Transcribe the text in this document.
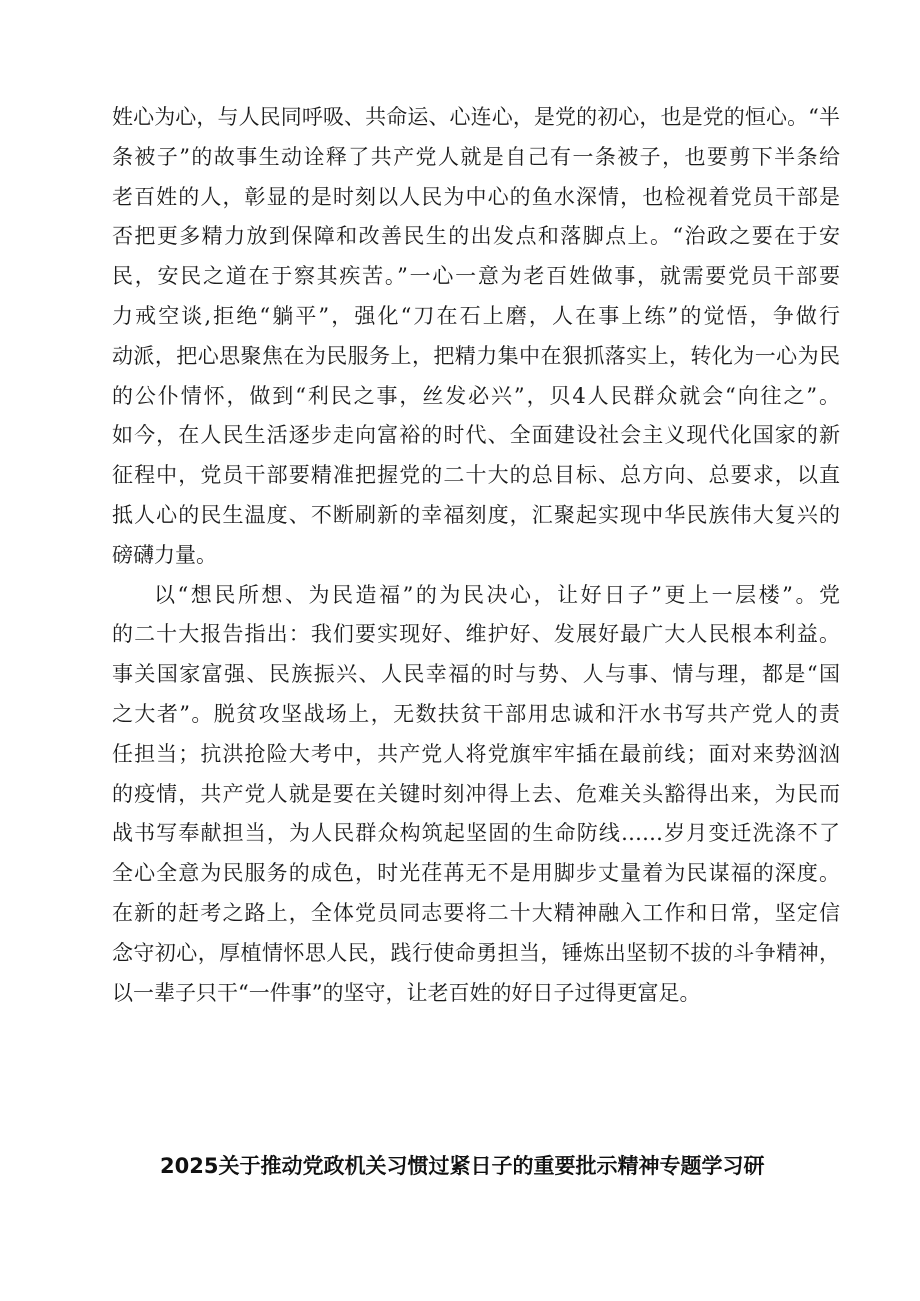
姓心为心，与人民同呼吸、共命运、心连心，是党的初心，也是党的恒心。“半
条被子”的故事生动诠释了共产党人就是自己有一条被子，也要剪下半条给
老百姓的人，彰显的是时刻以人民为中心的鱼水深情，也检视着党员干部是
否把更多精力放到保障和改善民生的出发点和落脚点上。“治政之要在于安
民，安民之道在于察其疾苦。”一心一意为老百姓做事，就需要党员干部要
力戒空谈,拒绝“躺平”，强化“刀在石上磨，人在事上练”的觉悟，争做行
动派，把心思聚焦在为民服务上，把精力集中在狠抓落实上，转化为一心为民
的公仆情怀，做到“利民之事，丝发必兴”，贝4人民群众就会“向往之”。
如今，在人民生活逐步走向富裕的时代、全面建设社会主义现代化国家的新
征程中，党员干部要精准把握党的二十大的总目标、总方向、总要求，以直
抵人心的民生温度、不断刷新的幸福刻度，汇聚起实现中华民族伟大复兴的
磅礴力量。
以“想民所想、为民造福”的为民决心，让好日子”更上一层楼”。党
的二十大报告指出：我们要实现好、维护好、发展好最广大人民根本利益。
事关国家富强、民族振兴、人民幸福的时与势、人与事、情与理，都是“国
之大者”。脱贫攻坚战场上，无数扶贫干部用忠诚和汗水书写共产党人的责
任担当；抗洪抢险大考中，共产党人将党旗牢牢插在最前线；面对来势汹汹
的疫情，共产党人就是要在关键时刻冲得上去、危难关头豁得出来，为民而
战书写奉献担当，为人民群众构筑起坚固的生命防线……岁月变迁洗涤不了
全心全意为民服务的成色，时光荏苒无不是用脚步丈量着为民谋福的深度。
在新的赶考之路上，全体党员同志要将二十大精神融入工作和日常，坚定信
念守初心，厚植情怀思人民，践行使命勇担当，锤炼出坚韧不拔的斗争精神，
以一辈子只干“一件事”的坚守，让老百姓的好日子过得更富足。
2025关于推动党政机关习惯过紧日子的重要批示精神专题学习研
